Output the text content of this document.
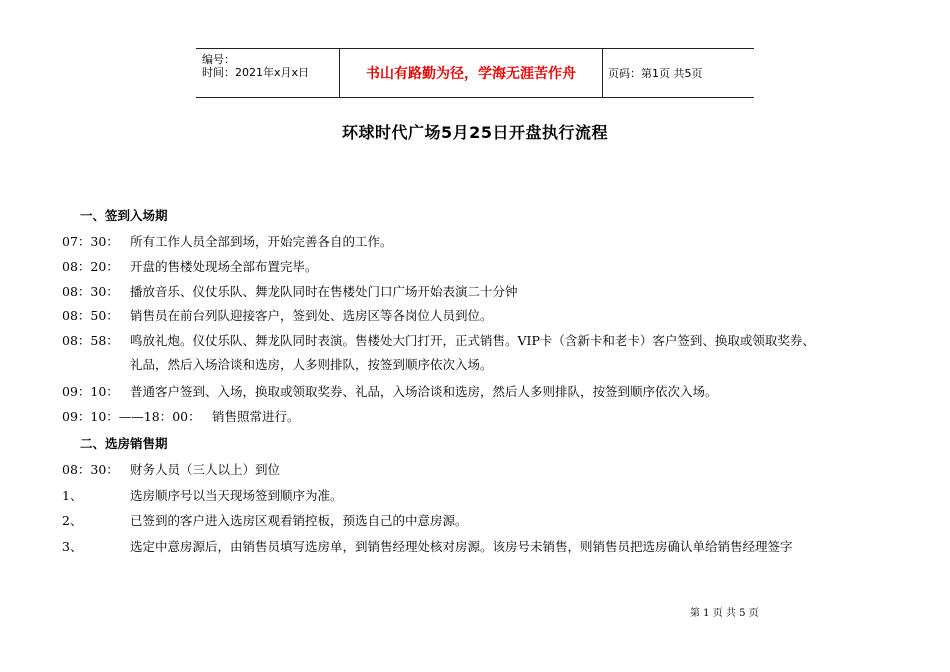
编号：
时间：2021年x月x日	书山有路勤为径，学海无涯苦作舟	页码：第1页 共5页
环球时代广场5月25日开盘执行流程
一、签到入场期
07：30： 所有工作人员全部到场，开始完善各自的工作。
08：20： 开盘的售楼处现场全部布置完毕。
08：30： 播放音乐、仪仗乐队、舞龙队同时在售楼处门口广场开始表演二十分钟
08：50： 销售员在前台列队迎接客户，签到处、选房区等各岗位人员到位。
08：58： 鸣放礼炮。仪仗乐队、舞龙队同时表演。售楼处大门打开，正式销售。VIP卡（含新卡和老卡）客户签到、换取或领取奖券、
礼品，然后入场洽谈和选房，人多则排队，按签到顺序依次入场。
09：10： 普通客户签到、入场，换取或领取奖券、礼品，入场洽谈和选房，然后人多则排队，按签到顺序依次入场。
09：10：——18：00： 销售照常进行。
二、选房销售期
08：30： 财务人员（三人以上）到位
1、	选房顺序号以当天现场签到顺序为准。
2、	已签到的客户进入选房区观看销控板，预选自己的中意房源。
3、	选定中意房源后，由销售员填写选房单，到销售经理处核对房源。该房号未销售，则销售员把选房确认单给销售经理签字
第 1 页 共 5 页
